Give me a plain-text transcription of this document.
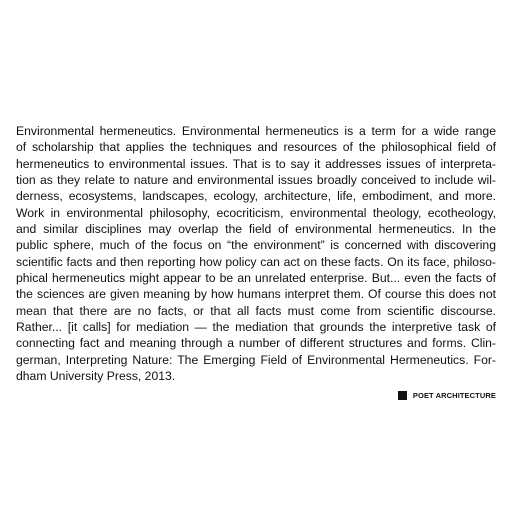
Environmental hermeneutics. Environmental hermeneutics is a term for a wide range
of scholarship that applies the techniques and resources of the philosophical field of
hermeneutics to environmental issues. That is to say it addresses issues of interpreta-
tion as they relate to nature and environmental issues broadly conceived to include wil-
derness, ecosystems, landscapes, ecology, architecture, life, embodiment, and more.
Work in environmental philosophy, ecocriticism, environmental theology, ecotheology,
and similar disciplines may overlap the field of environmental hermeneutics. In the
public sphere, much of the focus on “the environment” is concerned with discovering
scientific facts and then reporting how policy can act on these facts. On its face, philoso-
phical hermeneutics might appear to be an unrelated enterprise. But... even the facts of
the sciences are given meaning by how humans interpret them. Of course this does not
mean that there are no facts, or that all facts must come from scientific discourse.
Rather... [it calls] for mediation — the mediation that grounds the interpretive task of
connecting fact and meaning through a number of different structures and forms. Clin-
german, Interpreting Nature: The Emerging Field of Environmental Hermeneutics. For-
dham University Press, 2013.
POET ARCHITECTURE
